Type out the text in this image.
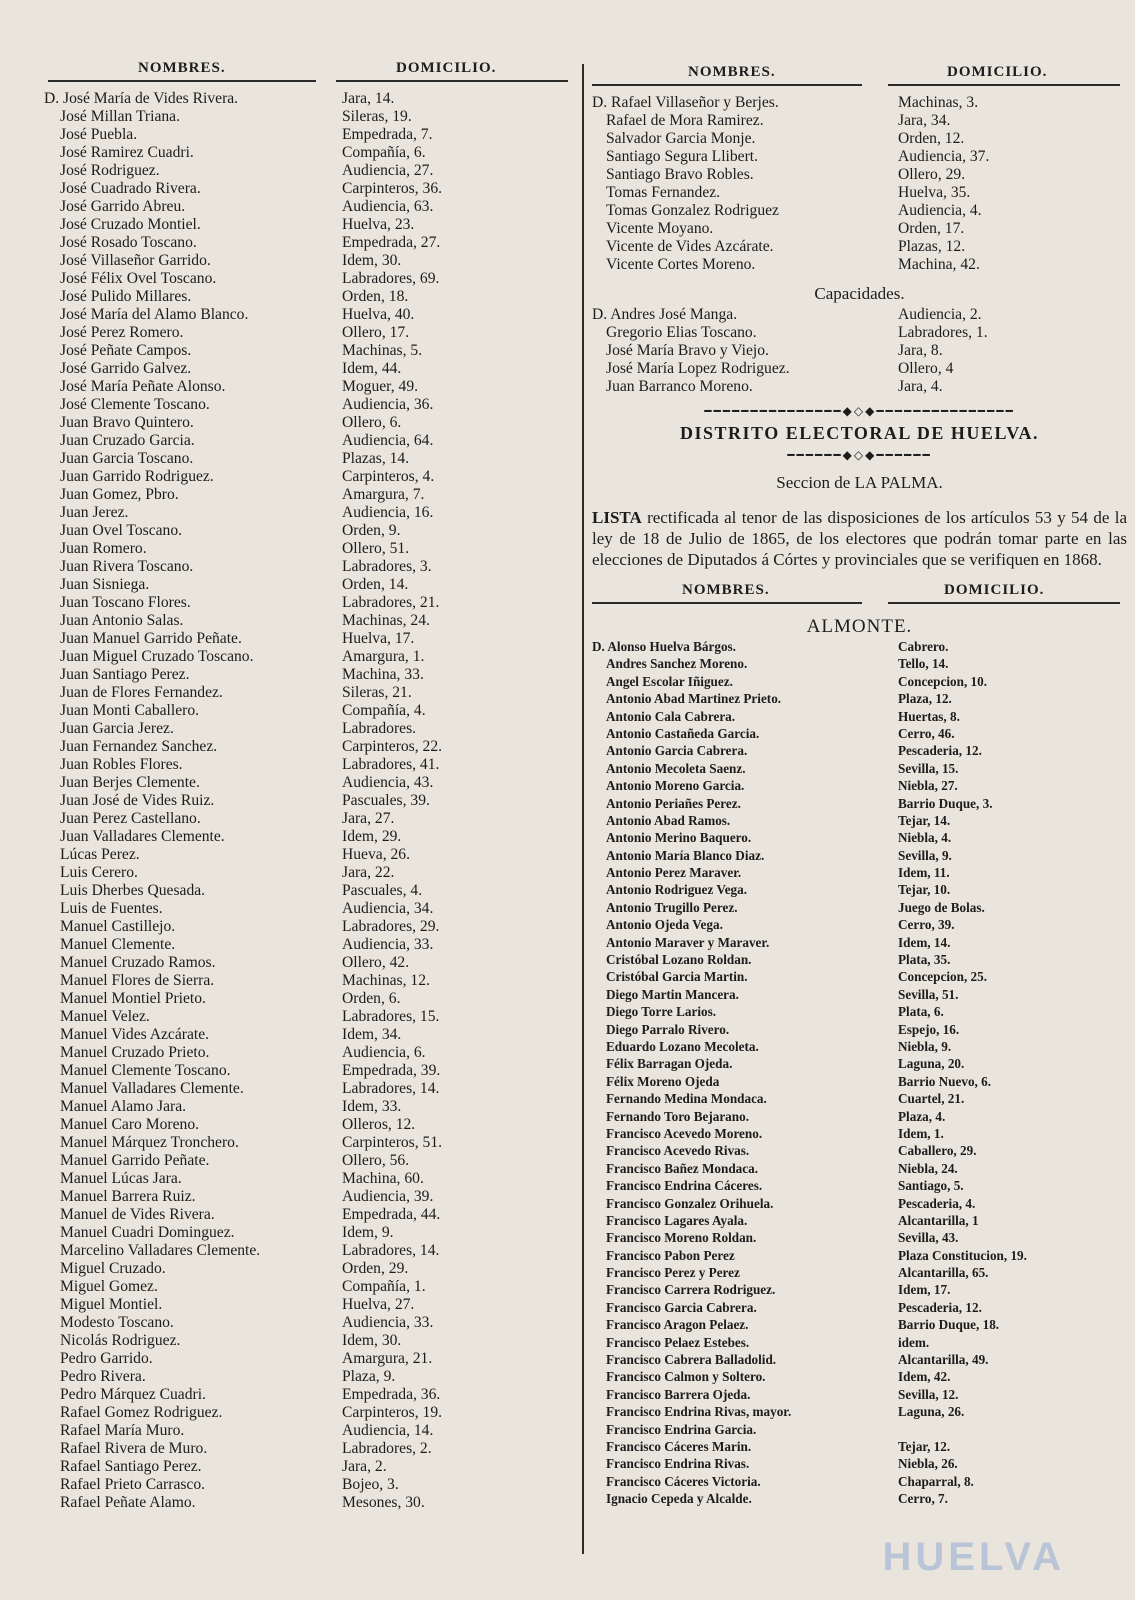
NOMBRES.	DOMICILIO.
D. José María de Vides Rivera.	Jara, 14.
José Millan Triana.	Sileras, 19.
José Puebla.	Empedrada, 7.
José Ramirez Cuadri.	Compañía, 6.
José Rodriguez.	Audiencia, 27.
José Cuadrado Rivera.	Carpinteros, 36.
José Garrido Abreu.	Audiencia, 63.
José Cruzado Montiel.	Huelva, 23.
José Rosado Toscano.	Empedrada, 27.
José Villaseñor Garrido.	Idem, 30.
José Félix Ovel Toscano.	Labradores, 69.
José Pulido Millares.	Orden, 18.
José María del Alamo Blanco.	Huelva, 40.
José Perez Romero.	Ollero, 17.
José Peñate Campos.	Machinas, 5.
José Garrido Galvez.	Idem, 44.
José María Peñate Alonso.	Moguer, 49.
José Clemente Toscano.	Audiencia, 36.
Juan Bravo Quintero.	Ollero, 6.
Juan Cruzado Garcia.	Audiencia, 64.
Juan Garcia Toscano.	Plazas, 14.
Juan Garrido Rodriguez.	Carpinteros, 4.
Juan Gomez, Pbro.	Amargura, 7.
Juan Jerez.	Audiencia, 16.
Juan Ovel Toscano.	Orden, 9.
Juan Romero.	Ollero, 51.
Juan Rivera Toscano.	Labradores, 3.
Juan Sisniega.	Orden, 14.
Juan Toscano Flores.	Labradores, 21.
Juan Antonio Salas.	Machinas, 24.
Juan Manuel Garrido Peñate.	Huelva, 17.
Juan Miguel Cruzado Toscano.	Amargura, 1.
Juan Santiago Perez.	Machina, 33.
Juan de Flores Fernandez.	Sileras, 21.
Juan Monti Caballero.	Compañía, 4.
Juan Garcia Jerez.	Labradores.
Juan Fernandez Sanchez.	Carpinteros, 22.
Juan Robles Flores.	Labradores, 41.
Juan Berjes Clemente.	Audiencia, 43.
Juan José de Vides Ruiz.	Pascuales, 39.
Juan Perez Castellano.	Jara, 27.
Juan Valladares Clemente.	Idem, 29.
Lúcas Perez.	Hueva, 26.
Luis Cerero.	Jara, 22.
Luis Dherbes Quesada.	Pascuales, 4.
Luis de Fuentes.	Audiencia, 34.
Manuel Castillejo.	Labradores, 29.
Manuel Clemente.	Audiencia, 33.
Manuel Cruzado Ramos.	Ollero, 42.
Manuel Flores de Sierra.	Machinas, 12.
Manuel Montiel Prieto.	Orden, 6.
Manuel Velez.	Labradores, 15.
Manuel Vides Azcárate.	Idem, 34.
Manuel Cruzado Prieto.	Audiencia, 6.
Manuel Clemente Toscano.	Empedrada, 39.
Manuel Valladares Clemente.	Labradores, 14.
Manuel Alamo Jara.	Idem, 33.
Manuel Caro Moreno.	Olleros, 12.
Manuel Márquez Tronchero.	Carpinteros, 51.
Manuel Garrido Peñate.	Ollero, 56.
Manuel Lúcas Jara.	Machina, 60.
Manuel Barrera Ruiz.	Audiencia, 39.
Manuel de Vides Rivera.	Empedrada, 44.
Manuel Cuadri Dominguez.	Idem, 9.
Marcelino Valladares Clemente.	Labradores, 14.
Miguel Cruzado.	Orden, 29.
Miguel Gomez.	Compañía, 1.
Miguel Montiel.	Huelva, 27.
Modesto Toscano.	Audiencia, 33.
Nicolás Rodriguez.	Idem, 30.
Pedro Garrido.	Amargura, 21.
Pedro Rivera.	Plaza, 9.
Pedro Márquez Cuadri.	Empedrada, 36.
Rafael Gomez Rodriguez.	Carpinteros, 19.
Rafael María Muro.	Audiencia, 14.
Rafael Rivera de Muro.	Labradores, 2.
Rafael Santiago Perez.	Jara, 2.
Rafael Prieto Carrasco.	Bojeo, 3.
Rafael Peñate Alamo.	Mesones, 30.
NOMBRES.	DOMICILIO.
D. Rafael Villaseñor y Berjes.	Machinas, 3.
Rafael de Mora Ramirez.	Jara, 34.
Salvador Garcia Monje.	Orden, 12.
Santiago Segura Llibert.	Audiencia, 37.
Santiago Bravo Robles.	Ollero, 29.
Tomas Fernandez.	Huelva, 35.
Tomas Gonzalez Rodriguez	Audiencia, 4.
Vicente Moyano.	Orden, 17.
Vicente de Vides Azcárate.	Plazas, 12.
Vicente Cortes Moreno.	Machina, 42.
Capacidades.
D. Andres José Manga.	Audiencia, 2.
Gregorio Elias Toscano.	Labradores, 1.
José María Bravo y Viejo.	Jara, 8.
José María Lopez Rodriguez.	Ollero, 4
Juan Barranco Moreno.	Jara, 4.
━━━━━━━━━━━━━━━◆◇◆━━━━━━━━━━━━━━━
DISTRITO ELECTORAL DE HUELVA.
━━━━━━◆◇◆━━━━━━
Seccion de LA PALMA.

LISTA rectificada al tenor de las disposiciones de los artículos 53 y 54 de la ley de 18 de Julio de 1865, de los electores que podrán tomar parte en las elecciones de Diputados á Córtes y provinciales que se verifiquen en 1868.

NOMBRES.	DOMICILIO.
ALMONTE.
D. Alonso Huelva Bárgos.	Cabrero.
Andres Sanchez Moreno.	Tello, 14.
Angel Escolar Iñiguez.	Concepcion, 10.
Antonio Abad Martinez Prieto.	Plaza, 12.
Antonio Cala Cabrera.	Huertas, 8.
Antonio Castañeda Garcia.	Cerro, 46.
Antonio Garcia Cabrera.	Pescaderia, 12.
Antonio Mecoleta Saenz.	Sevilla, 15.
Antonio Moreno Garcia.	Niebla, 27.
Antonio Periañes Perez.	Barrio Duque, 3.
Antonio Abad Ramos.	Tejar, 14.
Antonio Merino Baquero.	Niebla, 4.
Antonio María Blanco Diaz.	Sevilla, 9.
Antonio Perez Maraver.	Idem, 11.
Antonio Rodriguez Vega.	Tejar, 10.
Antonio Trugillo Perez.	Juego de Bolas.
Antonio Ojeda Vega.	Cerro, 39.
Antonio Maraver y Maraver.	Idem, 14.
Cristóbal Lozano Roldan.	Plata, 35.
Cristóbal Garcia Martin.	Concepcion, 25.
Diego Martin Mancera.	Sevilla, 51.
Diego Torre Larios.	Plata, 6.
Diego Parralo Rivero.	Espejo, 16.
Eduardo Lozano Mecoleta.	Niebla, 9.
Félix Barragan Ojeda.	Laguna, 20.
Félix Moreno Ojeda	Barrio Nuevo, 6.
Fernando Medina Mondaca.	Cuartel, 21.
Fernando Toro Bejarano.	Plaza, 4.
Francisco Acevedo Moreno.	Idem, 1.
Francisco Acevedo Rivas.	Caballero, 29.
Francisco Bañez Mondaca.	Niebla, 24.
Francisco Endrina Cáceres.	Santiago, 5.
Francisco Gonzalez Orihuela.	Pescaderia, 4.
Francisco Lagares Ayala.	Alcantarilla, 1
Francisco Moreno Roldan.	Sevilla, 43.
Francisco Pabon Perez	Plaza Constitucion, 19.
Francisco Perez y Perez	Alcantarilla, 65.
Francisco Carrera Rodriguez.	Idem, 17.
Francisco Garcia Cabrera.	Pescaderia, 12.
Francisco Aragon Pelaez.	Barrio Duque, 18.
Francisco Pelaez Estebes.	idem.
Francisco Cabrera Balladolid.	Alcantarilla, 49.
Francisco Calmon y Soltero.	Idem, 42.
Francisco Barrera Ojeda.	Sevilla, 12.
Francisco Endrina Rivas, mayor.	Laguna, 26.
Francisco Endrina Garcia.
Francisco Cáceres Marin.	Tejar, 12.
Francisco Endrina Rivas.	Niebla, 26.
Francisco Cáceres Victoria.	Chaparral, 8.
Ignacio Cepeda y Alcalde.	Cerro, 7.
HUELVA
